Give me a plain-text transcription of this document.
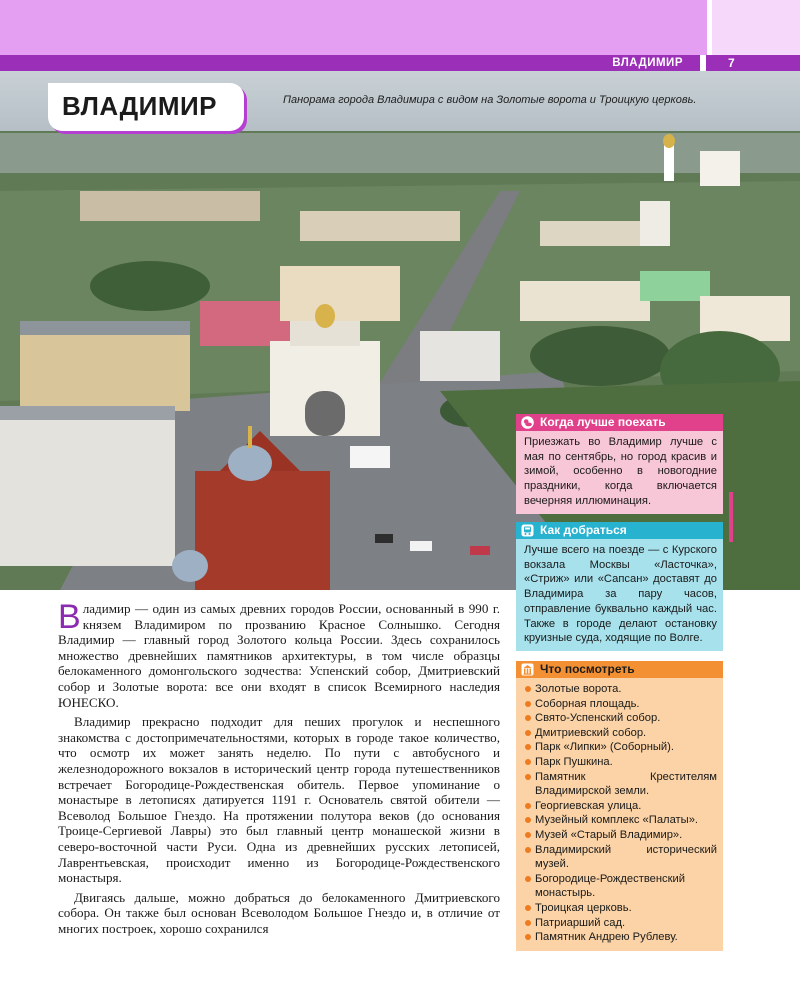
ВЛАДИМИР	7
ВЛАДИМИР	Панорама города Владимира с видом на Золотые ворота и Троицкую церковь.
Когда лучше поехать
Приезжать во Владимир лучше с мая по сентябрь, но город красив и зимой, особенно в новогодние праздники, когда включается вечерняя иллюминация.
Как добраться
Лучше всего на поезде — с Курского вокзала Москвы «Ласточка», «Стриж» или «Сапсан» доставят до Владимира за пару часов, отправление буквально каждый час. Также в городе делают остановку круизные суда, ходящие по Волге.
Что посмотреть
Золотые ворота.
Соборная площадь.
Свято-Успенский собор.
Дмитриевский собор.
Парк «Липки» (Соборный).
Парк Пушкина.
Памятник Крестителям Владимирской земли.
Георгиевская улица.
Музейный комплекс «Палаты».
Музей «Старый Владимир».
Владимирский исторический музей.
Богородице-Рождественский монастырь.
Троицкая церковь.
Патриарший сад.
Памятник Андрею Рублеву.

Владимир — один из самых древних городов России, основанный в 990 г. князем Владимиром по прозванию Красное Солнышко. Сегодня Владимир — главный город Золотого кольца России. Здесь сохранилось множество древнейших памятников архитектуры, в том числе образцы белокаменного домонгольского зодчества: Успенский собор, Дмитриевский собор и Золотые ворота: все они входят в список Всемирного наследия ЮНЕСКО.

Владимир прекрасно подходит для пеших прогулок и неспешного знакомства с достопримечательностями, которых в городе такое количество, что осмотр их может занять неделю. По пути с автобусного и железнодорожного вокзалов в исторический центр города путешественников встречает Богородице-Рождественская обитель. Первое упоминание о монастыре в летописях датируется 1191 г. Основатель святой обители — Всеволод Большое Гнездо. На протяжении полутора веков (до основания Троице-Сергиевой Лавры) это был главный центр монашеской жизни в северо-восточной части Руси. Одна из древнейших русских летописей, Лаврентьевская, происходит именно из Богородице-Рождественского монастыря.

Двигаясь дальше, можно добраться до белокаменного Дмитриевского собора. Он также был основан Всеволодом Большое Гнездо и, в отличие от многих построек, хорошо сохранился
